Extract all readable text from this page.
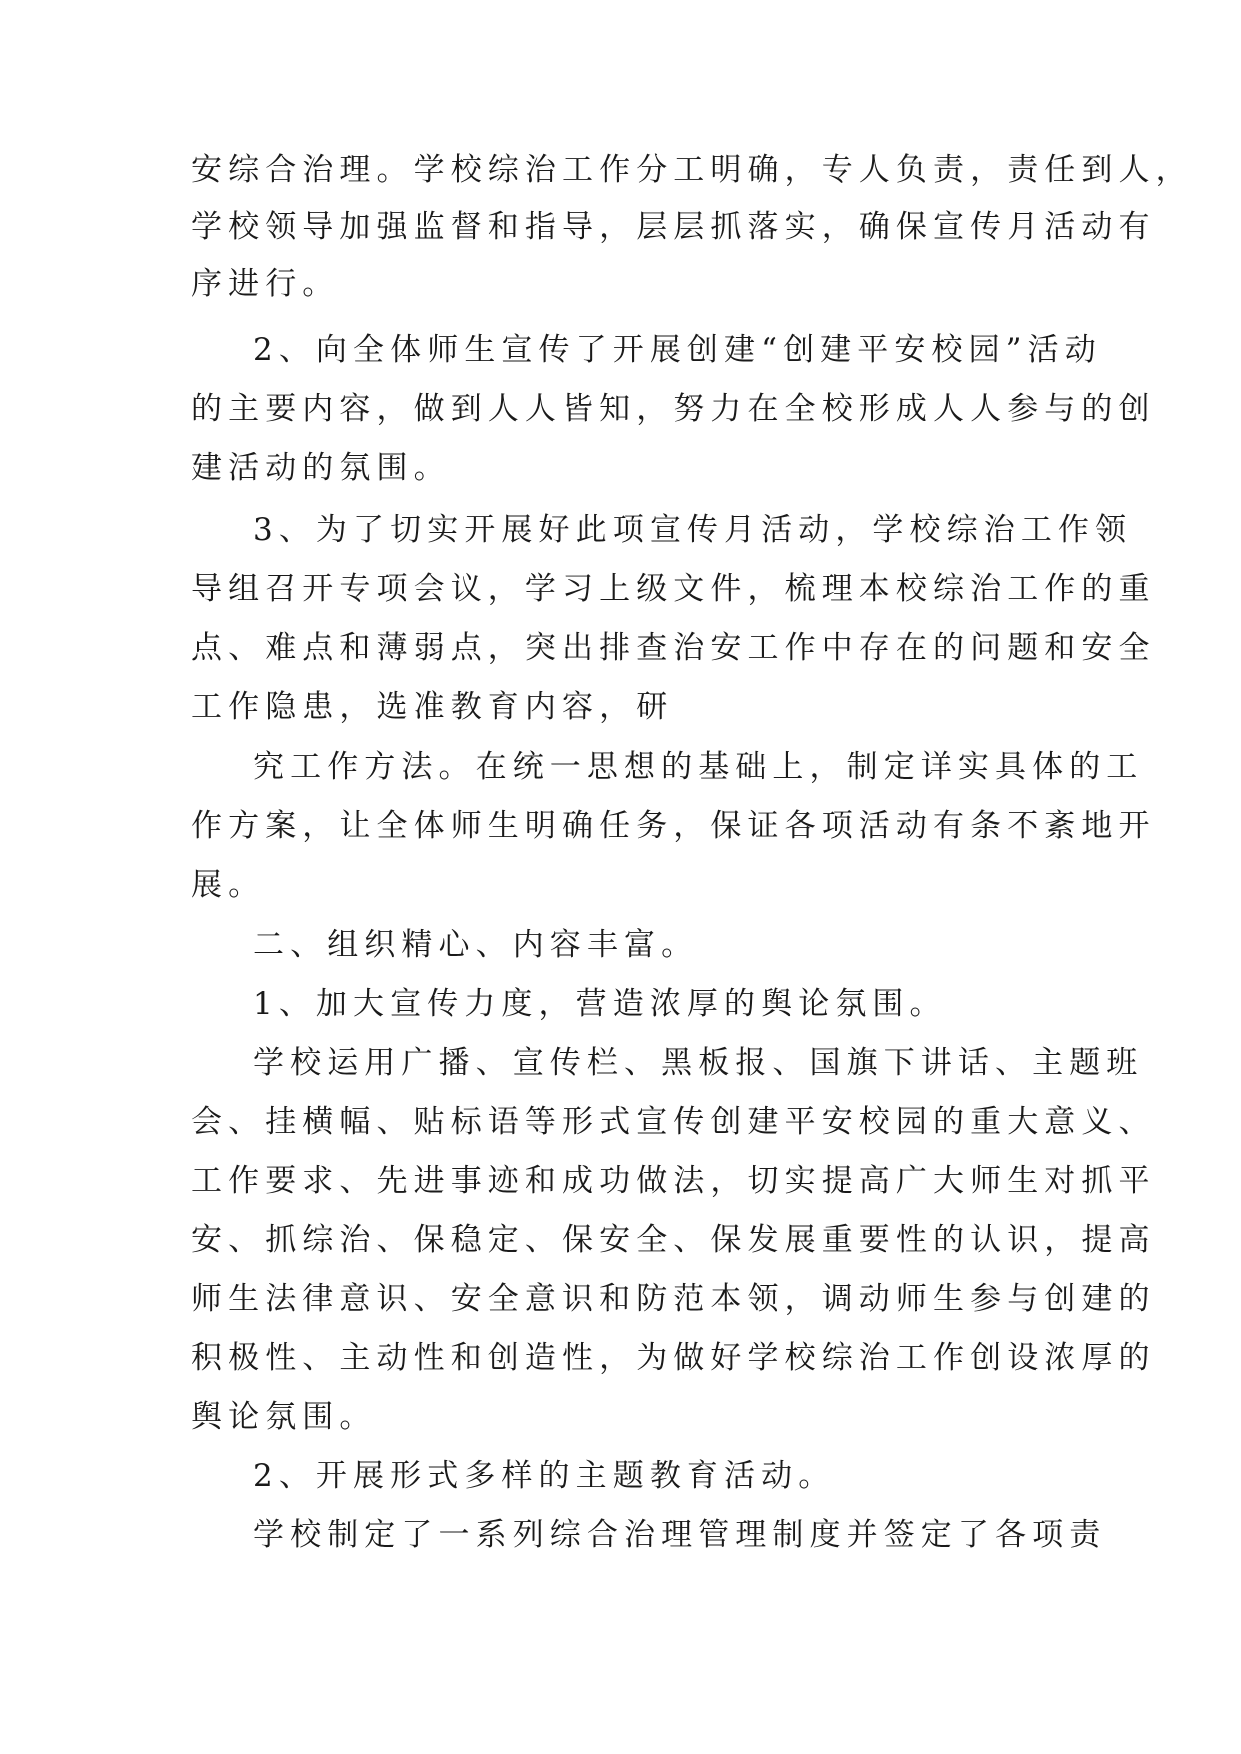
安综合治理。学校综治工作分工明确，专人负责，责任到人，
学校领导加强监督和指导，层层抓落实，确保宣传月活动有
序进行。
2、向全体师生宣传了开展创建“创建平安校园”活动
的主要内容，做到人人皆知，努力在全校形成人人参与的创
建活动的氛围。
3、为了切实开展好此项宣传月活动，学校综治工作领
导组召开专项会议，学习上级文件，梳理本校综治工作的重
点、难点和薄弱点，突出排查治安工作中存在的问题和安全
工作隐患，选准教育内容，研
究工作方法。在统一思想的基础上，制定详实具体的工
作方案，让全体师生明确任务，保证各项活动有条不紊地开
展。
二、组织精心、内容丰富。
1、加大宣传力度，营造浓厚的舆论氛围。
学校运用广播、宣传栏、黑板报、国旗下讲话、主题班
会、挂横幅、贴标语等形式宣传创建平安校园的重大意义、
工作要求、先进事迹和成功做法，切实提高广大师生对抓平
安、抓综治、保稳定、保安全、保发展重要性的认识，提高
师生法律意识、安全意识和防范本领，调动师生参与创建的
积极性、主动性和创造性，为做好学校综治工作创设浓厚的
舆论氛围。
2、开展形式多样的主题教育活动。
学校制定了一系列综合治理管理制度并签定了各项责
